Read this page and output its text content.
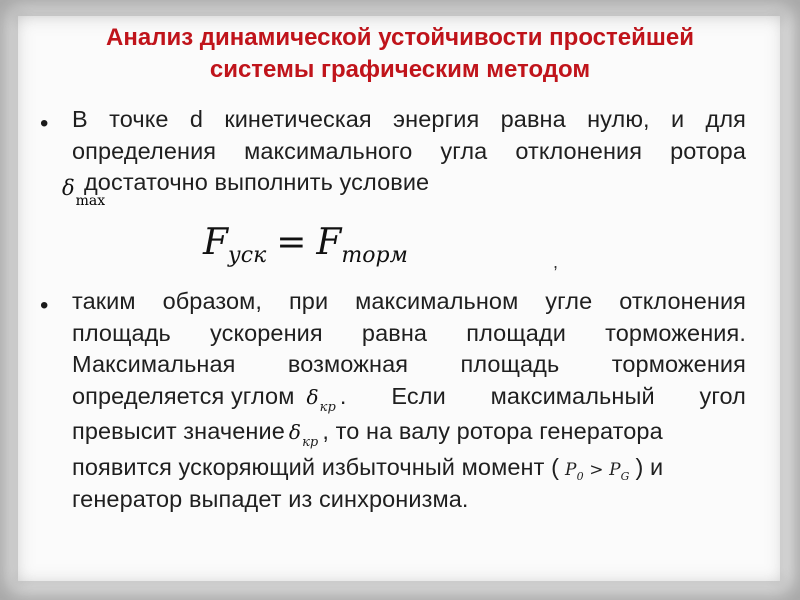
Анализ динамической устойчивости простейшей
системы графическим методом
•	В точке d кинетическая энергия равна нулю, и для
определения максимального угла отклонения ротора
достаточно выполнить условие
δmax
$F_{уск} = F_{торм}$	,
•	таким образом, при максимальном угле отклонения
площадь ускорения равна площади торможения.
Максимальная возможная площадь торможения
определяется углом $\delta_{кр}$ . Если максимальный угол
превысит значение $\delta_{кр}$ , то на валу ротора генератора
появится ускоряющий избыточный момент ( $P_0 > P_G$ ) и
генератор выпадет из синхронизма.
